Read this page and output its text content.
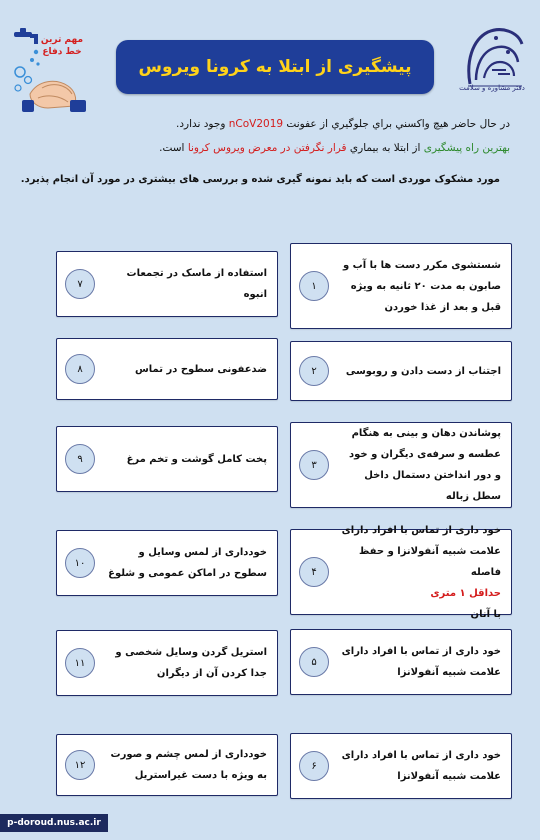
مهم ترین
خط دفاع
پیشگیری از ابتلا به کرونا ویروس
دفتر مشاوره و سلامت
در حال حاضر هيچ واكسني براي جلوگيري از عفونت nCoV2019 وجود ندارد.
بهترین راه پیشگیری از ابتلا به بیماري قرار نگرفتن در معرض ویروس کرونا است.
مورد مشکوک موردی است که باید نمونه گیری شده و بررسی های بیشتری در مورد آن انجام پذیرد.
شستشوی مکرر دست ها با آب و صابون به مدت ۲۰ ثانیه به ویژه قبل و بعد از غذا خوردن
١
اجتناب از دست دادن و روبوسی
٢
پوشاندن دهان و بینی به هنگام عطسه و سرفه‌ی دیگران و خود و دور انداختن دستمال داخل سطل زباله
٣
خود داری از تماس با افراد دارای علامت شبیه آنفولانزا و حفظ فاصله
حداقل ۱ متری
با آنان
۴
خود داری از تماس با افراد دارای علامت شبیه آنفولانزا
۵
خود داری از تماس با افراد دارای علامت شبیه آنفولانزا
۶
استفاده از ماسک در تجمعات انبوه
٧
ضدعفونی سطوح در تماس
٨
پخت کامل گوشت و تخم مرغ
٩
خودداری از لمس وسایل و سطوح در اماکن عمومی و شلوغ
١٠
استریل گردن وسایل شخصی و جدا کردن آن از دیگران
١١
خودداری از لمس چشم و صورت به ویژه با دست غیراستریل
١٢
p-doroud.nus.ac.ir
